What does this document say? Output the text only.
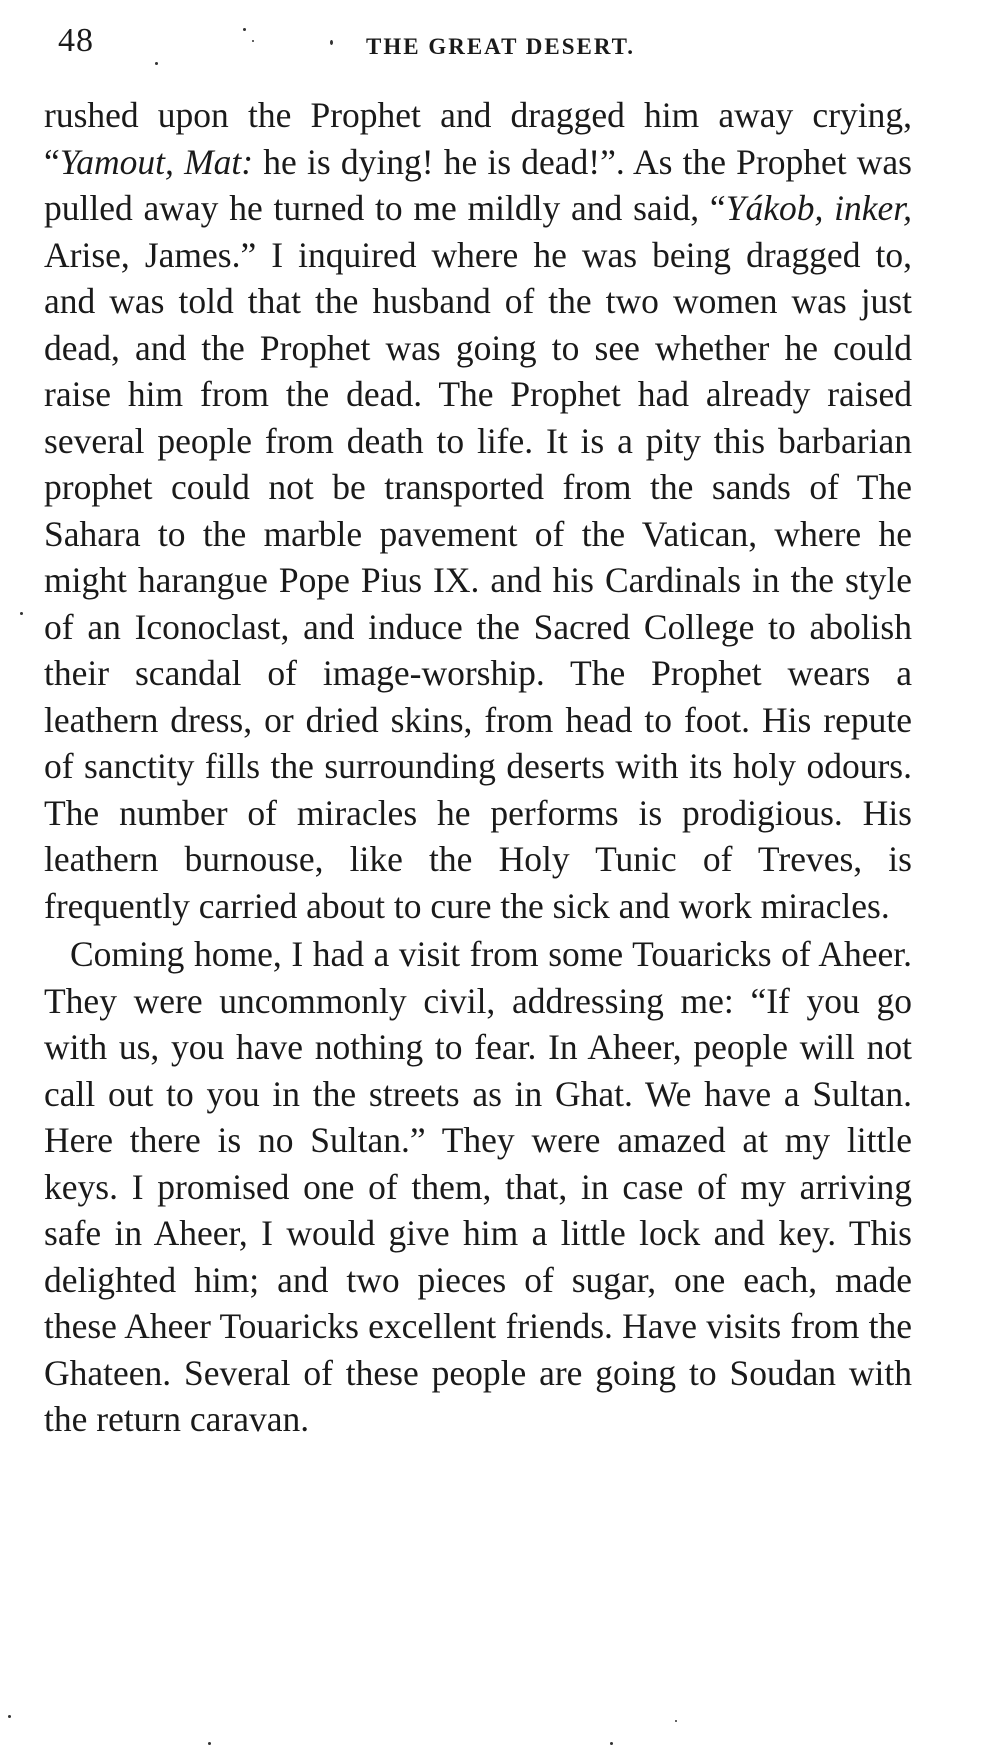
48	THE GREAT DESERT.

rushed upon the Prophet and dragged him away crying, “Yamout, Mat: he is dying! he is dead!”. As the Prophet was pulled away he turned to me mildly and said, “Yákob, inker, Arise, James.” I inquired where he was being dragged to, and was told that the husband of the two women was just dead, and the Prophet was going to see whether he could raise him from the dead. The Prophet had already raised several people from death to life. It is a pity this barbarian prophet could not be transported from the sands of The Sahara to the marble pavement of the Vatican, where he might harangue Pope Pius IX. and his Cardinals in the style of an Iconoclast, and induce the Sacred College to abolish their scandal of image-worship. The Prophet wears a leathern dress, or dried skins, from head to foot. His repute of sanctity fills the surrounding deserts with its holy odours. The number of miracles he performs is prodigious. His leathern burnouse, like the Holy Tunic of Treves, is frequently carried about to cure the sick and work miracles.

Coming home, I had a visit from some Touaricks of Aheer. They were uncommonly civil, addressing me: “If you go with us, you have nothing to fear. In Aheer, people will not call out to you in the streets as in Ghat. We have a Sultan. Here there is no Sultan.” They were amazed at my little keys. I promised one of them, that, in case of my arriving safe in Aheer, I would give him a little lock and key. This delighted him; and two pieces of sugar, one each, made these Aheer Touaricks excellent friends. Have visits from the Ghateen. Several of these people are going to Soudan with the return caravan.
